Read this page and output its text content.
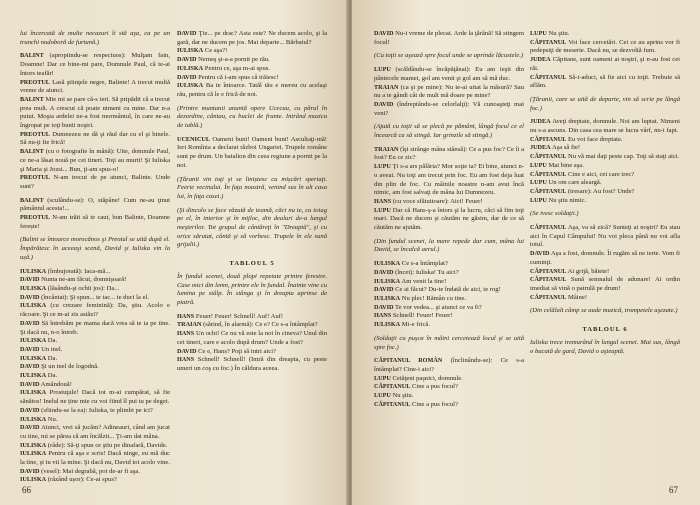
lui încercată de multe necazuri îi stă aşa, ca pe un trunchi nodoboră de furtună.)

BALINT (apropiindu-se respectuos): Mulţam fain, Doamne! Dar ce bine-mi pare, Domnule Paul, că te-ai întors teafăr!

PREOTUL Lasă ştiinţele negre, Balinte! A trecut multă vreme de atunci.

BALINT Mie mi se pare că-s ieri. Să pripădit că a trecut prea mult. A crescut că poate nimeni cu mine. Dar n-a putut. Moşia ardelei ne-a fost mormântul, în care ne-au îngropat pe toţi bunii noştri.

PREOTUL Dumnezeu ne dă şi răul dar cu el şi binele. Să nu-ţi fie frică!

BALINT (cu o fotografie în mână): Uite, domnule Paul, ce ne-a lăsat nouă pe cei tineri. Toţi au murit! Şi Iuliska şi Maria şi Jozsi... Bun, ţi-am spus-o!

PREOTUL N-am trecut de pe atunci, Balinte. Unde sunt?

BALINT (sculându-se): O, stăpâne! Cum ne-au ţinut pământul acesta!...

PREOTUL N-am trăit să te caut, bun Balinte, Doamne ferește!

(Balint se întoarce morocănos şi Preotul se uită după el. Împărătesc în aceeaşi scenă, David şi Iuliska vin la ușă.)

IULISKA (îmbujorată): Iaca-mă...

DAVID Nunta ne-am făcut, domnişoară!

IULISKA (lăsându-şi ochii jos): Da...

DAVID (încântat): Şi spun... te tac... te duci la el.

IULISKA (cu crezare feminină): Da, ştiu. Acolo e răcoare. Şi ce m-ai zis astăzi?

DAVID Să întrebăm pe mama dacă vrea să te ia pe tine. Şi dacă nu, n-o întreb.

IULISKA Da.

DAVID Un inel.

IULISKA Da.

DAVID Şi un inel de logodnă.

IULISKA Da.

DAVID Amândouă!

IULISKA Prostuţule! Dacă tot m-ai cumpărat, să fie sănătos! Inelul ne ține mie cu voi fiind îl pui tu pe deget.

DAVID (sfiindu-se la ea): Iuliska, te plimbi pe ici?

IULISKA Nu.

DAVID Atunci, vrei să jucăm? Adineauri, când am jucat cu tine, mi se părea că am încălzit... Ţi-am dat mâna.

IULISKA (râde): Să-ţi spun ce ştiu pe dinafară, Davide.

IULISKA Pentru că aşa e scris! Dacă ninge, eu mă duc la tine, şi tu vii la mine. Şi dacă nu, David tot acolo vine.

DAVID (vesel): Mai degrabă, pot de-ar fi aşa.

IULISKA (râzând ușor): Ce-ai spus?

DAVID Ţie... pe drac? Asta este? Ne ducem acolo, şi la gară, dar ne ducem pe jos. Mai departe... Bărbatul?

IULISKA Ce aşa?!

DAVID Nemeş şi-a-a pornit pe rău.

IULISKA Pentru ce, aşa m-ai spus.

DAVID Pentru că i-am spus că trăiesc!

IULISKA Ba te întoarce. Tatăl tău e mereu cu acelaşi rău, pentru că le e frică de noi.

(Printre muntanii anuntă opere Ucecuu, cu părul în dezordine, cântau, cu buclei de frunte. Intrând muzica de tablă.)

UCENICUL Oameni buni! Oameni buni! Ascultaţi-mă! Ieri Romînia a declarat război Ungariei. Trupele române sunt pe drum. Un batalion din ceea regiune a pornit pe la noi.

(Ţăranii vin toţi şi se liniștesc cu mișcări speriaţi. Feerie vecinului. În faţa noastră, venind sus în alt casa lui, în faţa casei.)

(Şi dincolo se face văzută de teamă, căci nu te, cu toiag pe el, în interior şi în mijloc, din dealuri de-a lungul meşterilor. Tot grupul de cântăreţi în "Dreaptă", şi cu orice sărutat, cântă şi să vorbesc. Trupele în ele sună grijulii.)

TABLOUL 5

În fundul scenei, două plopi repetate printre ferestre. Case mici din lemn, printre ele în fundal. Înainte vine cu lumina pe stâlp. În stânga şi în dreapta aprinse de piatră.

HANS Feuer! Feuer! Schnell! Auf! Auf!

TRAIAN (sărind, în alarmă): Ce e? Ce s-a întâmplat?

HANS Un ochi! Ce nu vă este la noi în cineva? Unul din cei tineri, care e acolo după drum? Unde a fost?

DAVID Ce e, Hans? Poţi să intri aici?

HANS Schnell! Schnell! (Intră din dreapta, cu peste umeri un coş cu foc.) În căldura aceea.

66

DAVID Nu-i vreme de plecat. Arde la ţărână! Să stingem focul!

(Cu toţii se aşează spre focul unde se aprinde lăcustele.)

LUPU (scăldându-se încăpăţânat): Eu am ieşit din pântecele mamei, gol am venit şi gol am să mă duc.

TRAIAN (ca şi pe mine): Nu te-ai uitat la măsură? Sau nu a te gândi cât de mult mă doare pe mine?

DAVID (îndreptându-se celorlalţi): Vă cunoaşteţi mai veni?

(Ajută cu toţii să se plecă pe pământ, lângă focul ce el încearcă ca să stingă. Iar grinzile să stingă.)

TRAIAN (îşi strânge mâna stânsă): Ce a pus foc? Ce îi a fost? Eu ce zic?

LUPU Ţi s-a ars pălăria? Mor soţie ta? Ei bine, atunci n-o aveai. Nu toţi am trecut prin foc. Eu am fost deja luat din plin de foc. Cu mâinile noastre n-am avut încă nimic, am fost salvaţi de mâna lui Dumnezeu.

HANS (cu voce sfătuitoare): Aici! Feuer!

LUPU Dar că Hans-ş-a întors şi la lucru, căci să fim toţi mari. Dacă ne ducem şi căutăm ne găsim, dar de ce să căutăm ne ajutăm.

(Din fundul scenei, la mare repede dar cum, mâna lui David, se încalcă aerul.)

IULISKA Ce s-a întâmplat?

DAVID (încet): Iuliska! Tu aici?

IULISKA Am venit la tine!

DAVID Ce ai făcut? Du-te îndată de aici, te rog!

IULISKA Nu plec! Rămân cu tine.

DAVID Te vor vedea... şi atunci ce va fi?

HANS Schnell! Feuer! Feuer!

IULISKA Mi-e frică.

(Soldaţii cu puşca în mâini cercetează locul şi se uită spre foc.)

CĂPITANUL ROMÂN (înclinându-se): Ce s-a întâmplat? Cine-i aici?

LUPU Cetăţeni paşnici, domnule.

CĂPITANUL Cine a pus focul?

LUPU Nu ştiu.

CĂPITANUL Cine a pus focul?

LUPU Nu ştiu.

CĂPITANUL Voi face cercetări. Cei ce au aprins vor fi pedepsiţi de meserie. Dacă nu, se dezvoltă fum.

JUDEA Căpitane, sunt oameni ai noştri, şi n-au fost cei răi.

CĂPITANUL Să-i-aduci, să fie aici cu toţii. Trebuie să aflăm.

(Ţăranii, care se uită de departe, vin să scrie pe lângă foc.)

JUDEA Aveţi dreptate, domnule. Noi am luptat. Nimeni nu s-a ascuns. Din casa cea mare se lucra vârf, nu-i fapt.

CĂPITANUL Eu voi face dreptate.

JUDEA Aşa să fie!

CĂPITANUL Nu vă mai daţi peste cap. Toţi să staţi aici.

LUPU Mai bine aşa.

CĂPITANUL Cine e aici, cei care trec?

LUPU Un om care aleargă.

CĂPITANUL (tresare): Au fost? Unde?

LUPU Nu ştiu nimic.

(Se ivesc soldaţii.)

CĂPITANUL Aşa, va să zică? Sunteţi ai noştri? Eu stau aici în Capul Câmpului! Nu voi pleca până nu voi afla totul.

DAVID Aşa a fost, domnule. Îi rugăm să ne ierte. Vom fi cuminţi.

CĂPITANUL Ai grijă, băiete!

CĂPITANUL Sună semnalul de adunare! Ai ordin imediat să vină o patrulă pe drum!

CĂPITANUL Mâine!

(Din celălalt câmp se aude muzică, trompetele aşezate.)

TABLOUL 6

Iuliska trece tremurând în lungul scenei. Mai sus, lângă o bucată de gard, David o aşteaptă.

67
